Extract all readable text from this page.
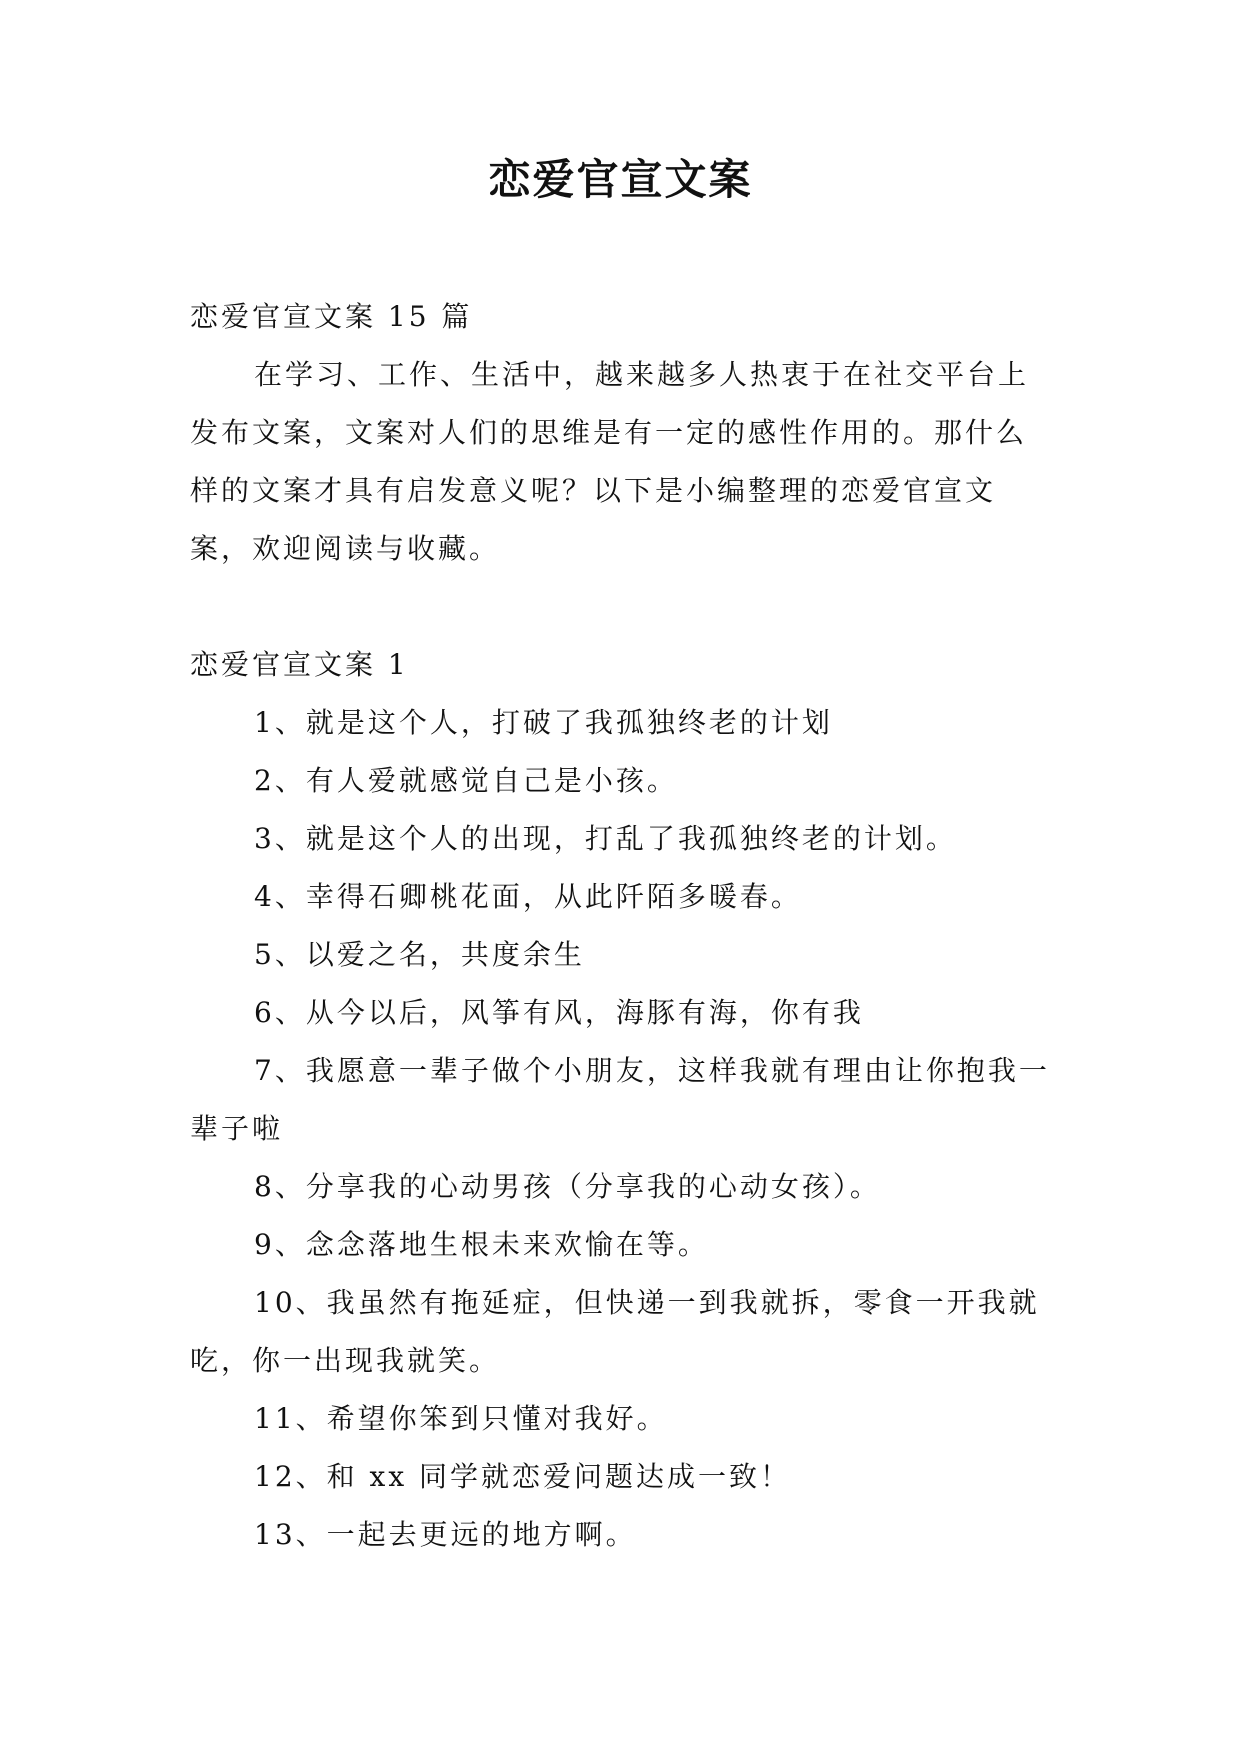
恋爱官宣文案

恋爱官宣文案 15 篇

在学习、工作、生活中，越来越多人热衷于在社交平台上发布文案，文案对人们的思维是有一定的感性作用的。那什么样的文案才具有启发意义呢？以下是小编整理的恋爱官宣文案，欢迎阅读与收藏。

恋爱官宣文案 1

1、就是这个人，打破了我孤独终老的计划

2、有人爱就感觉自己是小孩。

3、就是这个人的出现，打乱了我孤独终老的计划。

4、幸得石卿桃花面，从此阡陌多暖春。

5、以爱之名，共度余生

6、从今以后，风筝有风，海豚有海，你有我

7、我愿意一辈子做个小朋友，这样我就有理由让你抱我一辈子啦

8、分享我的心动男孩（分享我的心动女孩）。

9、念念落地生根未来欢愉在等。

10、我虽然有拖延症，但快递一到我就拆，零食一开我就吃，你一出现我就笑。

11、希望你笨到只懂对我好。

12、和 xx 同学就恋爱问题达成一致！

13、一起去更远的地方啊。
